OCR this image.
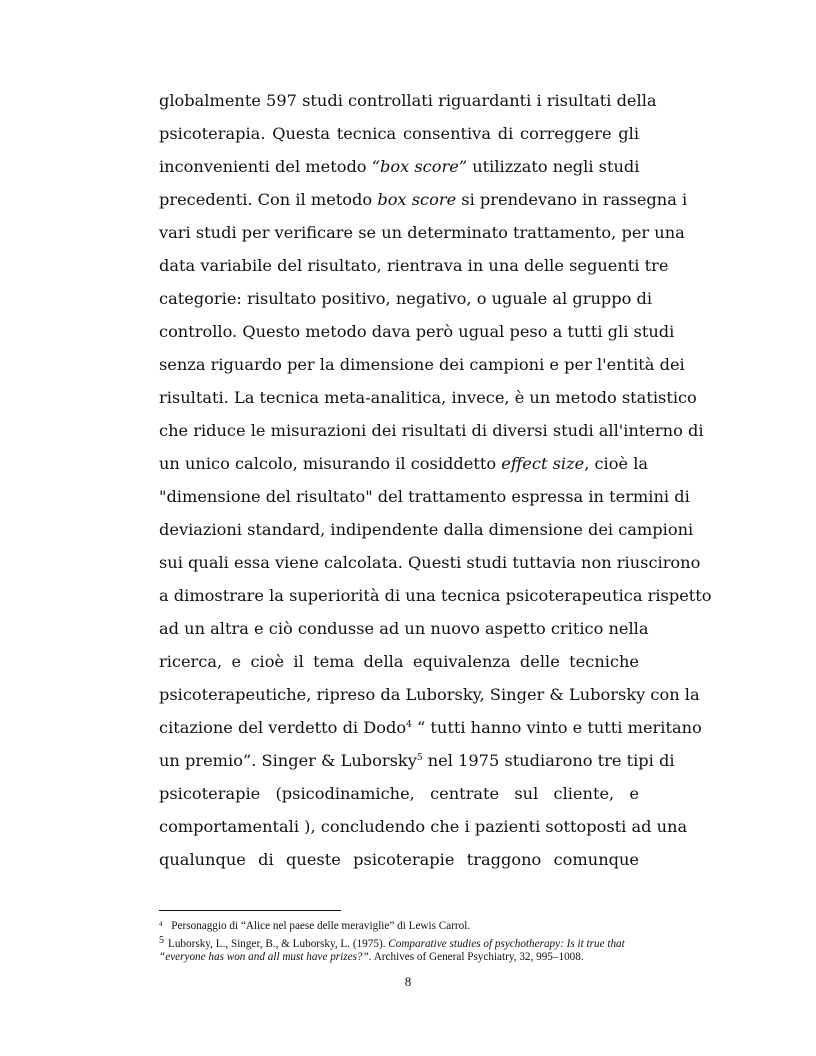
globalmente 597 studi controllati riguardanti i risultati della
psicoterapia. Questa tecnica consentiva di correggere gli
inconvenienti del metodo “box score” utilizzato negli studi
precedenti. Con il metodo box score si prendevano in rassegna i
vari studi per verificare se un determinato trattamento, per una
data variabile del risultato, rientrava in una delle seguenti tre
categorie: risultato positivo, negativo, o uguale al gruppo di
controllo. Questo metodo dava però ugual peso a tutti gli studi
senza riguardo per la dimensione dei campioni e per l'entità dei
risultati. La tecnica meta-analitica, invece, è un metodo statistico
che riduce le misurazioni dei risultati di diversi studi all'interno di
un unico calcolo, misurando il cosiddetto effect size, cioè la
"dimensione del risultato" del trattamento espressa in termini di
deviazioni standard, indipendente dalla dimensione dei campioni
sui quali essa viene calcolata. Questi studi tuttavia non riuscirono
a dimostrare la superiorità di una tecnica psicoterapeutica rispetto
ad un altra e ciò condusse ad un nuovo aspetto critico nella
ricerca, e cioè il tema della equivalenza delle tecniche
psicoterapeutiche, ripreso da Luborsky, Singer & Luborsky con la
citazione del verdetto di Dodo$^4$ “ tutti hanno vinto e tutti meritano
un premio”. Singer & Luborsky$^5$ nel 1975 studiarono tre tipi di
psicoterapie (psicodinamiche, centrate sul cliente, e
comportamentali ), concludendo che i pazienti sottoposti ad una
qualunque di queste psicoterapie traggono comunque
$^4$ Personaggio di “Alice nel paese delle meraviglie” di Lewis Carrol.
$^5$ Luborsky, L., Singer, B., & Luborsky, L. (1975). Comparative studies of psychotherapy: Is it true that
“everyone has won and all must have prizes?”. Archives of General Psychiatry, 32, 995–1008.
8
